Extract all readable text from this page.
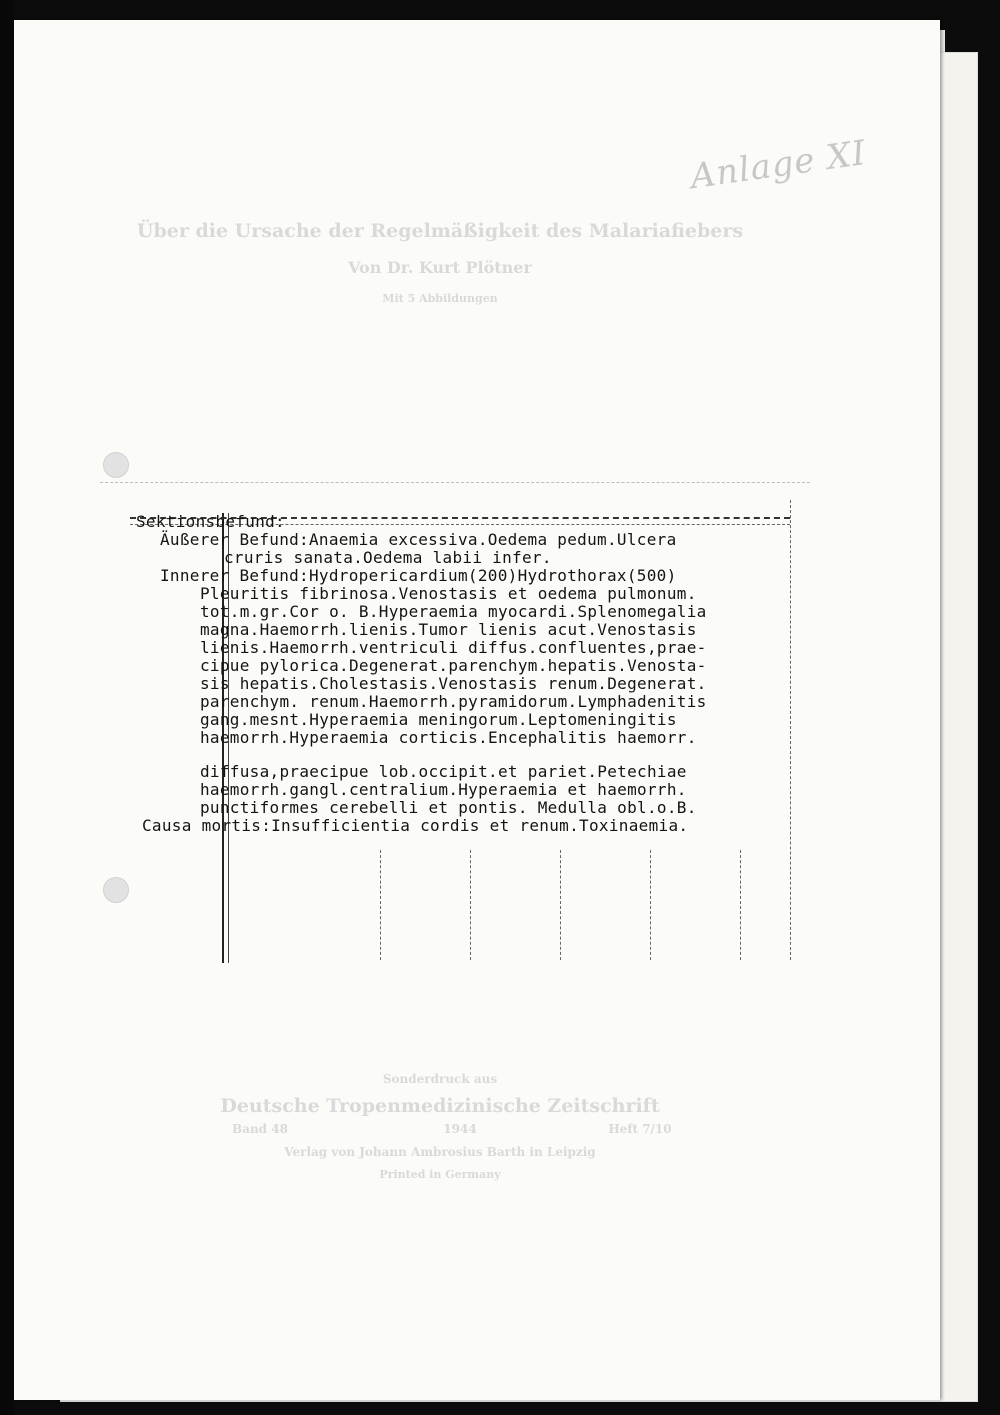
Anlage XI
Über die Ursache der Regelmäßigkeit des Malariafiebers
Von Dr. Kurt Plötner
Mit 5 Abbildungen
Sektionsbefund:
Äußerer Befund:Anaemia excessiva.Oedema pedum.Ulcera
cruris sanata.Oedema labii infer.
Innerer Befund:Hydropericardium(200)Hydrothorax(500)
Pleuritis fibrinosa.Venostasis et oedema pulmonum.
tot.m.gr.Cor o. B.Hyperaemia myocardi.Splenomegalia
magna.Haemorrh.lienis.Tumor lienis acut.Venostasis
lienis.Haemorrh.ventriculi diffus.confluentes,prae-
cipue pylorica.Degenerat.parenchym.hepatis.Venosta-
sis hepatis.Cholestasis.Venostasis renum.Degenerat.
parenchym. renum.Haemorrh.pyramidorum.Lymphadenitis
gang.mesnt.Hyperaemia meningorum.Leptomeningitis
haemorrh.Hyperaemia corticis.Encephalitis haemorr.
diffusa,praecipue lob.occipit.et pariet.Petechiae
haemorrh.gangl.centralium.Hyperaemia et haemorrh.
punctiformes cerebelli et pontis. Medulla obl.o.B.
Causa mortis:Insufficientia cordis et renum.Toxinaemia.
Sonderdruck aus
Deutsche Tropenmedizinische Zeitschrift
Band 48	1944	Heft 7/10
Verlag von Johann Ambrosius Barth in Leipzig
Printed in Germany
